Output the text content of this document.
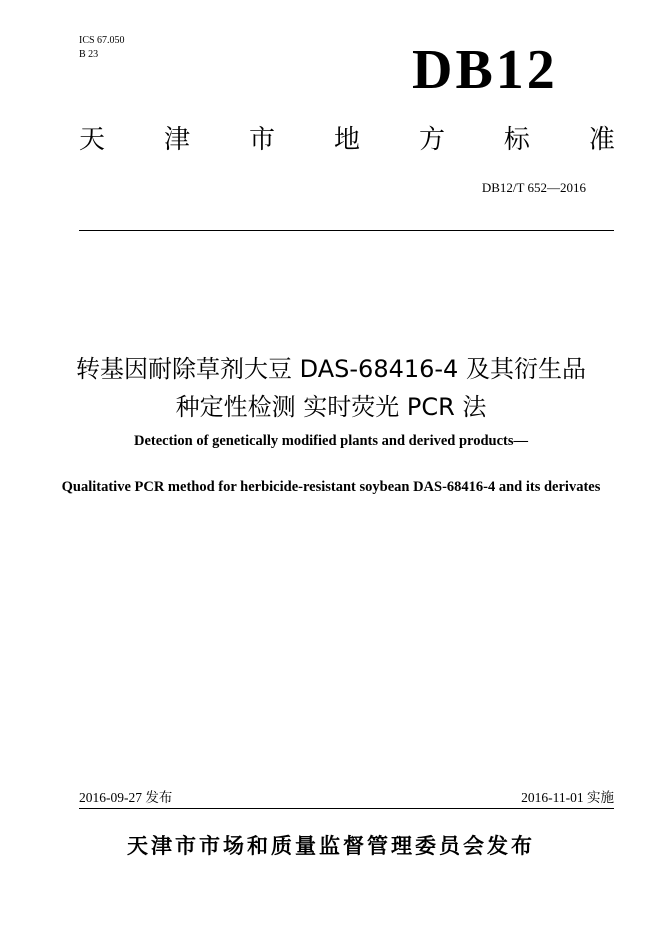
ICS 67.050
B 23	DB12
天 津 市 地 方 标 准
DB12/T 652—2016
转基因耐除草剂大豆 DAS-68416-4 及其衍生品
种定性检测 实时荧光 PCR 法
Detection of genetically modified plants and derived products—
Qualitative PCR method for herbicide-resistant soybean DAS-68416-4 and its derivates
2016-09-27 发布	2016-11-01 实施
天津市市场和质量监督管理委员会发布
